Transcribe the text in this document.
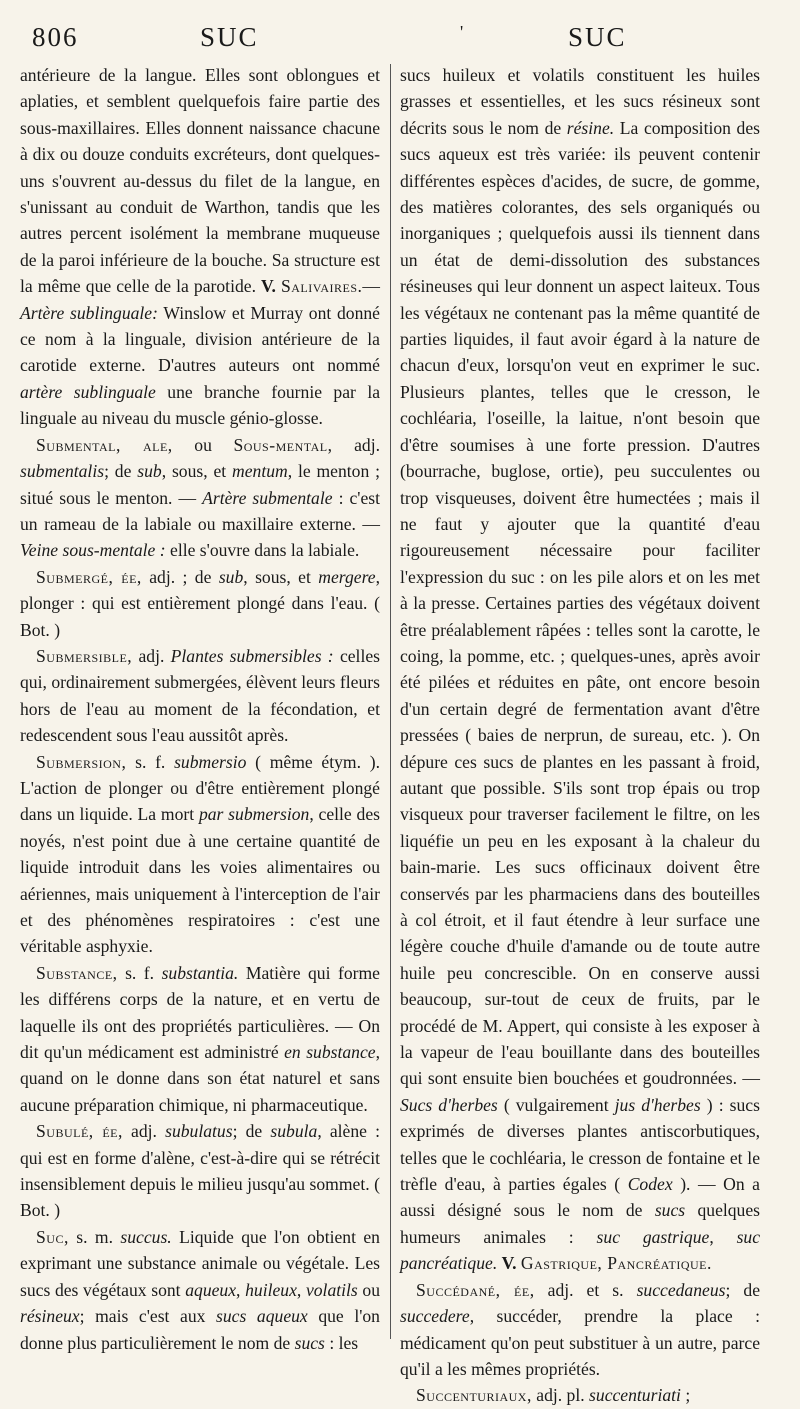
806	SUC	'	SUC

antérieure de la langue. Elles sont oblongues et aplaties, et semblent quelquefois faire partie des sous-maxillaires. Elles donnent naissance chacune à dix ou douze conduits excréteurs, dont quelques-uns s'ouvrent au-dessus du filet de la langue, en s'unissant au conduit de Warthon, tandis que les autres percent isolément la membrane muqueuse de la paroi inférieure de la bouche. Sa structure est la même que celle de la parotide. V. Salivaires.—Artère sublinguale: Winslow et Murray ont donné ce nom à la linguale, division antérieure de la carotide externe. D'autres auteurs ont nommé artère sublinguale une branche fournie par la linguale au niveau du muscle génio-glosse.

Submental, ale, ou Sous-mental, adj. submentalis; de sub, sous, et mentum, le menton ; situé sous le menton. — Artère submentale : c'est un rameau de la labiale ou maxillaire externe. — Veine sous-mentale : elle s'ouvre dans la labiale.

Submergé, ée, adj. ; de sub, sous, et mergere, plonger : qui est entièrement plongé dans l'eau. ( Bot. )

Submersible, adj. Plantes submersibles : celles qui, ordinairement submergées, élèvent leurs fleurs hors de l'eau au moment de la fécondation, et redescendent sous l'eau aussitôt après.

Submersion, s. f. submersio ( même étym. ). L'action de plonger ou d'être entièrement plongé dans un liquide. La mort par submersion, celle des noyés, n'est point due à une certaine quantité de liquide introduit dans les voies alimentaires ou aériennes, mais uniquement à l'interception de l'air et des phénomènes respiratoires : c'est une véritable asphyxie.

Substance, s. f. substantia. Matière qui forme les différens corps de la nature, et en vertu de laquelle ils ont des propriétés particulières. — On dit qu'un médicament est administré en substance, quand on le donne dans son état naturel et sans aucune préparation chimique, ni pharmaceutique.

Subulé, ée, adj. subulatus; de subula, alène : qui est en forme d'alène, c'est-à-dire qui se rétrécit insensiblement depuis le milieu jusqu'au sommet. ( Bot. )

Suc, s. m. succus. Liquide que l'on obtient en exprimant une substance animale ou végétale. Les sucs des végétaux sont aqueux, huileux, volatils ou résineux; mais c'est aux sucs aqueux que l'on donne plus particulièrement le nom de sucs : les

sucs huileux et volatils constituent les huiles grasses et essentielles, et les sucs résineux sont décrits sous le nom de résine. La composition des sucs aqueux est très variée: ils peuvent contenir différentes espèces d'acides, de sucre, de gomme, des matières colorantes, des sels organiqués ou inorganiques ; quelquefois aussi ils tiennent dans un état de demi-dissolution des substances résineuses qui leur donnent un aspect laiteux. Tous les végétaux ne contenant pas la même quantité de parties liquides, il faut avoir égard à la nature de chacun d'eux, lorsqu'on veut en exprimer le suc. Plusieurs plantes, telles que le cresson, le cochléaria, l'oseille, la laitue, n'ont besoin que d'être soumises à une forte pression. D'autres (bourrache, buglose, ortie), peu succulentes ou trop visqueuses, doivent être humectées ; mais il ne faut y ajouter que la quantité d'eau rigoureusement nécessaire pour faciliter l'expression du suc : on les pile alors et on les met à la presse. Certaines parties des végétaux doivent être préalablement râpées : telles sont la carotte, le coing, la pomme, etc. ; quelques-unes, après avoir été pilées et réduites en pâte, ont encore besoin d'un certain degré de fermentation avant d'être pressées ( baies de nerprun, de sureau, etc. ). On dépure ces sucs de plantes en les passant à froid, autant que possible. S'ils sont trop épais ou trop visqueux pour traverser facilement le filtre, on les liquéfie un peu en les exposant à la chaleur du bain-marie. Les sucs officinaux doivent être conservés par les pharmaciens dans des bouteilles à col étroit, et il faut étendre à leur surface une légère couche d'huile d'amande ou de toute autre huile peu concrescible. On en conserve aussi beaucoup, sur-tout de ceux de fruits, par le procédé de M. Appert, qui consiste à les exposer à la vapeur de l'eau bouillante dans des bouteilles qui sont ensuite bien bouchées et goudronnées. —Sucs d'herbes ( vulgairement jus d'herbes ) : sucs exprimés de diverses plantes antiscorbutiques, telles que le cochléaria, le cresson de fontaine et le trèfle d'eau, à parties égales ( Codex ). — On a aussi désigné sous le nom de sucs quelques humeurs animales : suc gastrique, suc pancréatique. V. Gastrique, Pancréatique.

Succédané, ée, adj. et s. succedaneus; de succedere, succéder, prendre la place : médicament qu'on peut substituer à un autre, parce qu'il a les mêmes propriétés.

Succenturiaux, adj. pl. succenturiati ;
